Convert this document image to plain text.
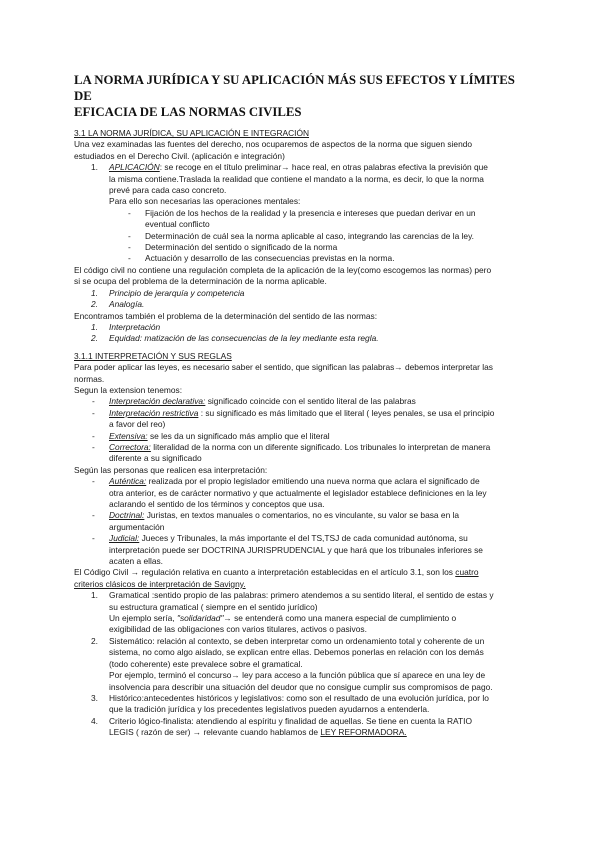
LA NORMA JURÍDICA Y SU APLICACIÓN MÁS SUS EFECTOS Y LÍMITES DE
EFICACIA DE LAS NORMAS CIVILES
3.1 LA NORMA JURÍDICA, SU APLICACIÓN E INTEGRACIÓN
Una vez examinadas las fuentes del derecho, nos ocuparemos de aspectos de la norma que siguen siendo
estudiados en el Derecho Civil. (aplicación e integración)
1. APLICACIÓN: se recoge en el título preliminar→ hace real, en otras palabras efectiva la previsión que
la misma contiene.Traslada la realidad que contiene el mandato a la norma, es decir, lo que la norma
prevé para cada caso concreto.
Para ello son necesarias las operaciones mentales:
- Fijación de los hechos de la realidad y la presencia e intereses que puedan derivar en un
eventual conflicto
- Determinación de cuál sea la norma aplicable al caso, integrando las carencias de la ley.
- Determinación del sentido o significado de la norma
- Actuación y desarrollo de las consecuencias previstas en la norma.
El código civil no contiene una regulación completa de la aplicación de la ley(como escogemos las normas) pero
si se ocupa del problema de la determinación de la norma aplicable.
1. Principio de jerarquía y competencia
2. Analogía.
Encontramos también el problema de la determinación del sentido de las normas:
1. Interpretación
2. Equidad: matización de las consecuencias de la ley mediante esta regla.
3.1.1 INTERPRETACIÓN Y SUS REGLAS
Para poder aplicar las leyes, es necesario saber el sentido, que significan las palabras→ debemos interpretar las
normas.
Segun la extension tenemos:
- Interpretación declarativa: significado coincide con el sentido literal de las palabras
- Interpretación restrictiva : su significado es más limitado que el literal ( leyes penales, se usa el principio
a favor del reo)
- Extensiva: se les da un significado más amplio que el literal
- Correctora: literalidad de la norma con un diferente significado. Los tribunales lo interpretan de manera
diferente a su significado
Según las personas que realicen esa interpretación:
- Auténtica: realizada por el propio legislador emitiendo una nueva norma que aclara el significado de
otra anterior, es de carácter normativo y que actualmente el legislador establece definiciones en la ley
aclarando el sentido de los términos y conceptos que usa.
- Doctrinal: Juristas, en textos manuales o comentarios, no es vinculante, su valor se basa en la
argumentación
- Judicial: Jueces y Tribunales, la más importante el del TS,TSJ de cada comunidad autónoma, su
interpretación puede ser DOCTRINA JURISPRUDENCIAL y que hará que los tribunales inferiores se
acaten a ellas.
El Código Civil → regulación relativa en cuanto a interpretación establecidas en el artículo 3.1, son los cuatro
criterios clásicos de interpretación de Savigny.
1. Gramatical :sentido propio de las palabras: primero atendemos a su sentido literal, el sentido de estas y
su estructura gramatical ( siempre en el sentido jurídico)
Un ejemplo sería, "solidaridad"→ se entenderá como una manera especial de cumplimiento o
exigibilidad de las obligaciones con varios titulares, activos o pasivos.
2. Sistemático: relación al contexto, se deben interpretar como un ordenamiento total y coherente de un
sistema, no como algo aislado, se explican entre ellas. Debemos ponerlas en relación con los demás
(todo coherente) este prevalece sobre el gramatical.
Por ejemplo, terminó el concurso→ ley para acceso a la función pública que sí aparece en una ley de
insolvencia para describir una situación del deudor que no consigue cumplir sus compromisos de pago.
3. Histórico:antecedentes históricos y legislativos: como son el resultado de una evolución jurídica, por lo
que la tradición jurídica y los precedentes legislativos pueden ayudarnos a entenderla.
4. Criterio lógico-finalista: atendiendo al espíritu y finalidad de aquellas. Se tiene en cuenta la RATIO
LEGIS ( razón de ser) → relevante cuando hablamos de LEY REFORMADORA.
